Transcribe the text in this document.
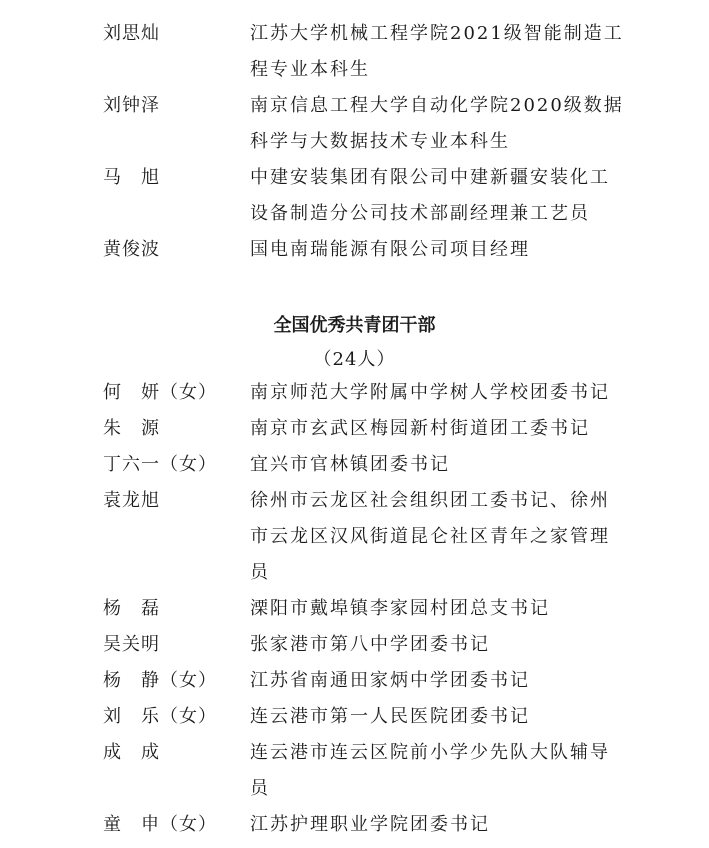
刘思灿	江苏大学机械工程学院2021级智能制造工
程专业本科生
刘钟泽	南京信息工程大学自动化学院2020级数据
科学与大数据技术专业本科生
马　旭	中建安装集团有限公司中建新疆安装化工
设备制造分公司技术部副经理兼工艺员
黄俊波	国电南瑞能源有限公司项目经理
全国优秀共青团干部
（24人）
何　妍（女） 南京师范大学附属中学树人学校团委书记
朱　源	南京市玄武区梅园新村街道团工委书记
丁六一（女） 宜兴市官林镇团委书记
袁龙旭	徐州市云龙区社会组织团工委书记、徐州
市云龙区汉风街道昆仑社区青年之家管理
员
杨　磊	溧阳市戴埠镇李家园村团总支书记
吴关明	张家港市第八中学团委书记
杨　静（女） 江苏省南通田家炳中学团委书记
刘　乐（女） 连云港市第一人民医院团委书记
成　成	连云港市连云区院前小学少先队大队辅导
员
童　申（女） 江苏护理职业学院团委书记
